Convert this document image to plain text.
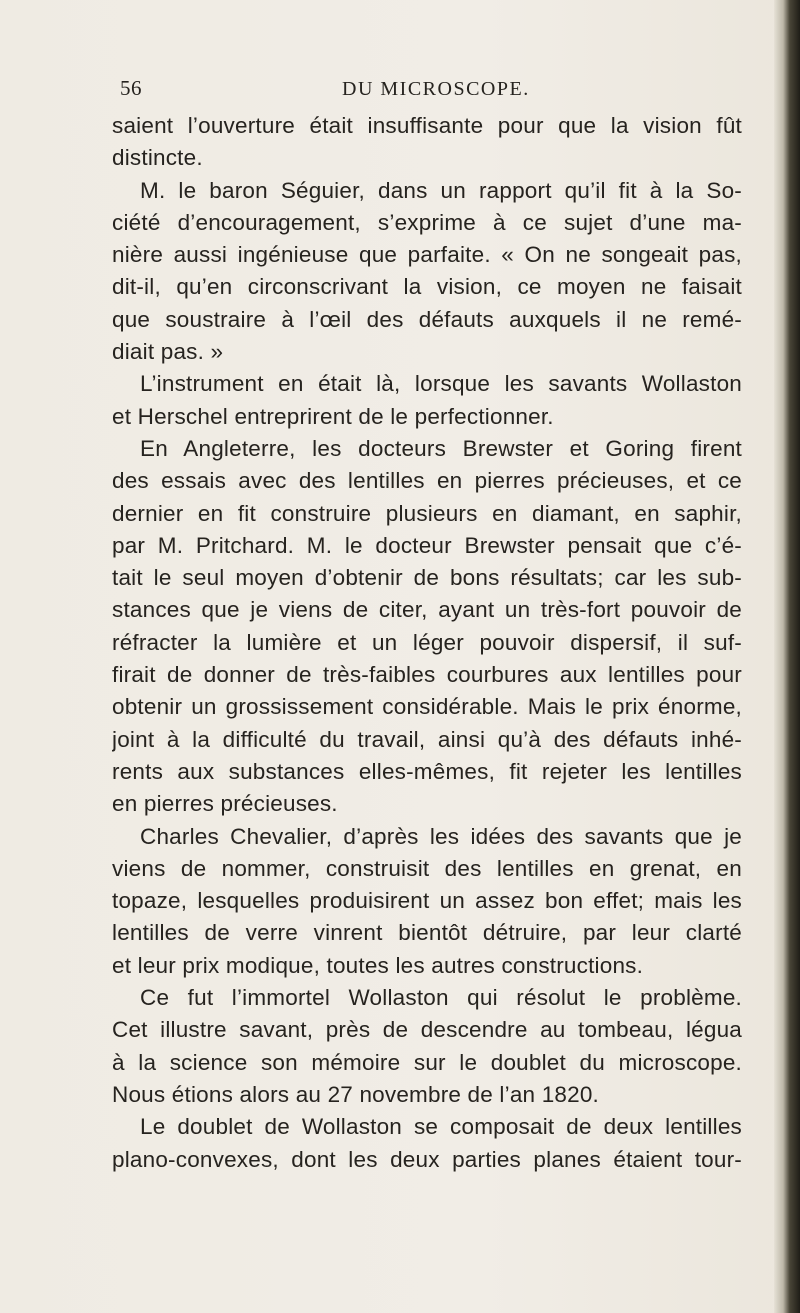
56	DU MICROSCOPE.
saient l’ouverture était insuffisante pour que la vision fût
distincte.
M. le baron Séguier, dans un rapport qu’il fit à la So-
ciété d’encouragement, s’exprime à ce sujet d’une ma-
nière aussi ingénieuse que parfaite. « On ne songeait pas,
dit-il, qu’en circonscrivant la vision, ce moyen ne faisait
que soustraire à l’œil des défauts auxquels il ne remé-
diait pas. »
L’instrument en était là, lorsque les savants Wollaston
et Herschel entreprirent de le perfectionner.
En Angleterre, les docteurs Brewster et Goring firent
des essais avec des lentilles en pierres précieuses, et ce
dernier en fit construire plusieurs en diamant, en saphir,
par M. Pritchard. M. le docteur Brewster pensait que c’é-
tait le seul moyen d’obtenir de bons résultats; car les sub-
stances que je viens de citer, ayant un très-fort pouvoir de
réfracter la lumière et un léger pouvoir dispersif, il suf-
firait de donner de très-faibles courbures aux lentilles pour
obtenir un grossissement considérable. Mais le prix énorme,
joint à la difficulté du travail, ainsi qu’à des défauts inhé-
rents aux substances elles-mêmes, fit rejeter les lentilles
en pierres précieuses.
Charles Chevalier, d’après les idées des savants que je
viens de nommer, construisit des lentilles en grenat, en
topaze, lesquelles produisirent un assez bon effet; mais les
lentilles de verre vinrent bientôt détruire, par leur clarté
et leur prix modique, toutes les autres constructions.
Ce fut l’immortel Wollaston qui résolut le problème.
Cet illustre savant, près de descendre au tombeau, légua
à la science son mémoire sur le doublet du microscope.
Nous étions alors au 27 novembre de l’an 1820.
Le doublet de Wollaston se composait de deux lentilles
plano-convexes, dont les deux parties planes étaient tour-
